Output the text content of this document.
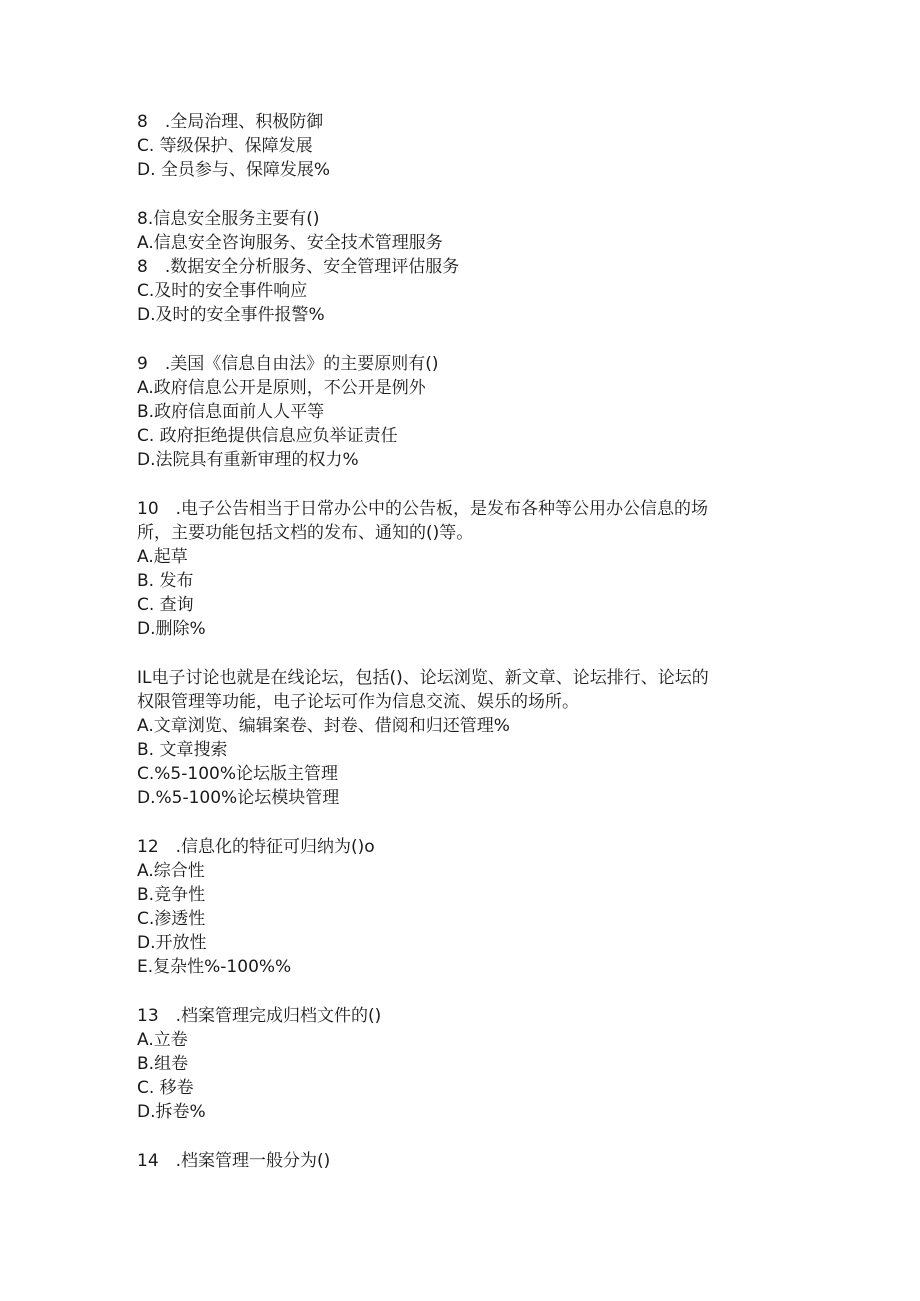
8　.全局治理、积极防御
C. 等级保护、保障发展
D. 全员参与、保障发展%
8.信息安全服务主要有()
A.信息安全咨询服务、安全技术管理服务
8　.数据安全分析服务、安全管理评估服务
C.及时的安全事件响应
D.及时的安全事件报警%
9　.美国《信息自由法》的主要原则有()
A.政府信息公开是原则，不公开是例外
B.政府信息面前人人平等
C. 政府拒绝提供信息应负举证责任
D.法院具有重新审理的权力%
10　.电子公告相当于日常办公中的公告板，是发布各种等公用办公信息的场
所，主要功能包括文档的发布、通知的()等。
A.起草
B. 发布
C. 查询
D.删除%
IL电子讨论也就是在线论坛，包括()、论坛浏览、新文章、论坛排行、论坛的
权限管理等功能，电子论坛可作为信息交流、娱乐的场所。
A.文章浏览、编辑案卷、封卷、借阅和归还管理%
B. 文章搜索
C.%5-100%论坛版主管理
D.%5-100%论坛模块管理
12　.信息化的特征可归纳为()o
A.综合性
B.竞争性
C.渗透性
D.开放性
E.复杂性%-100%%
13　.档案管理完成归档文件的()
A.立卷
B.组卷
C. 移卷
D.拆卷%
14　.档案管理一般分为()
